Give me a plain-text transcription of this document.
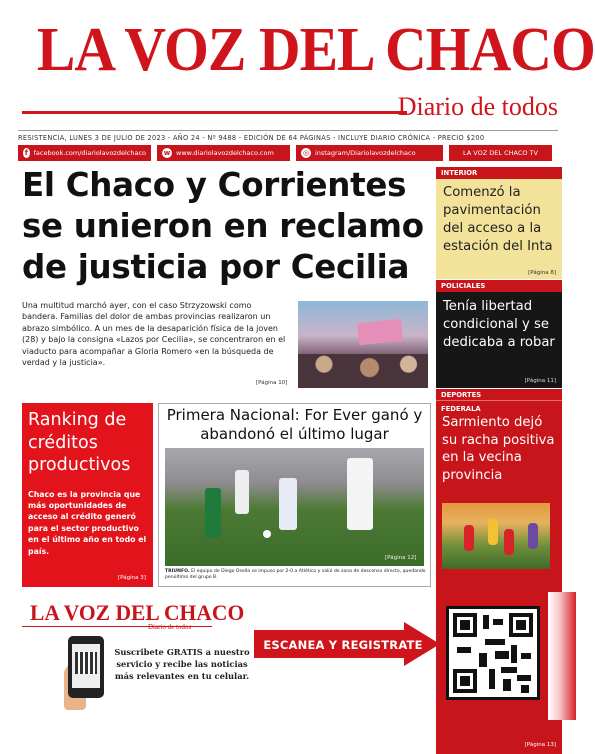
LA VOZ DEL CHACO
Diario de todos
RESISTENCIA, LUNES 3 DE JULIO DE 2023 - AÑO 24 - Nº 9488 - EDICIÓN DE 64 PÁGINAS - INCLUYE DIARIO CRÓNICA - PRECIO $200
f facebook.com/diariolavozdelchaco	w www.diariolavozdelchaco.com	◎ instagram/Diariolavozdelchaco	LA VOZ DEL CHACO TV
El Chaco y Corrientes se unieron en reclamo de justicia por Cecilia
Una multitud marchó ayer, con el caso Strzyzowski como bandera. Familias del dolor de ambas provincias realizaron un abrazo simbólico. A un mes de la desaparición física de la joven (28) y bajo la consigna «Lazos por Cecilia», se concentraron en el viaducto para acompañar a Gloria Romero «en la búsqueda de verdad y la justicia».
[Página 10]
INTERIOR
Comenzó la pavimentación del acceso a la estación del Inta
[Página 8]
POLICIALES
Tenía libertad condicional y se dedicaba a robar
[Página 11]
DEPORTES
FEDERALA
Sarmiento dejó su racha positiva en la vecina provincia
[Página 13]
Ranking de créditos productivos
Chaco es la provincia que más oportunidades de acceso al crédito generó para el sector productivo en el último año en todo el país.
[Página 3]
Primera Nacional: For Ever ganó y abandonó el último lugar
TRIUNFO. El equipo de Diego Osella se impuso por 2-0 a Atlético y salió de zona de descenso directo, quedando penúltimo del grupo B.
[Página 12]
LA VOZ DEL CHACO
Diario de todos
Suscribete GRATIS a nuestro servicio y recibe las noticias más relevantes en tu celular.
ESCANEA Y REGISTRATE
